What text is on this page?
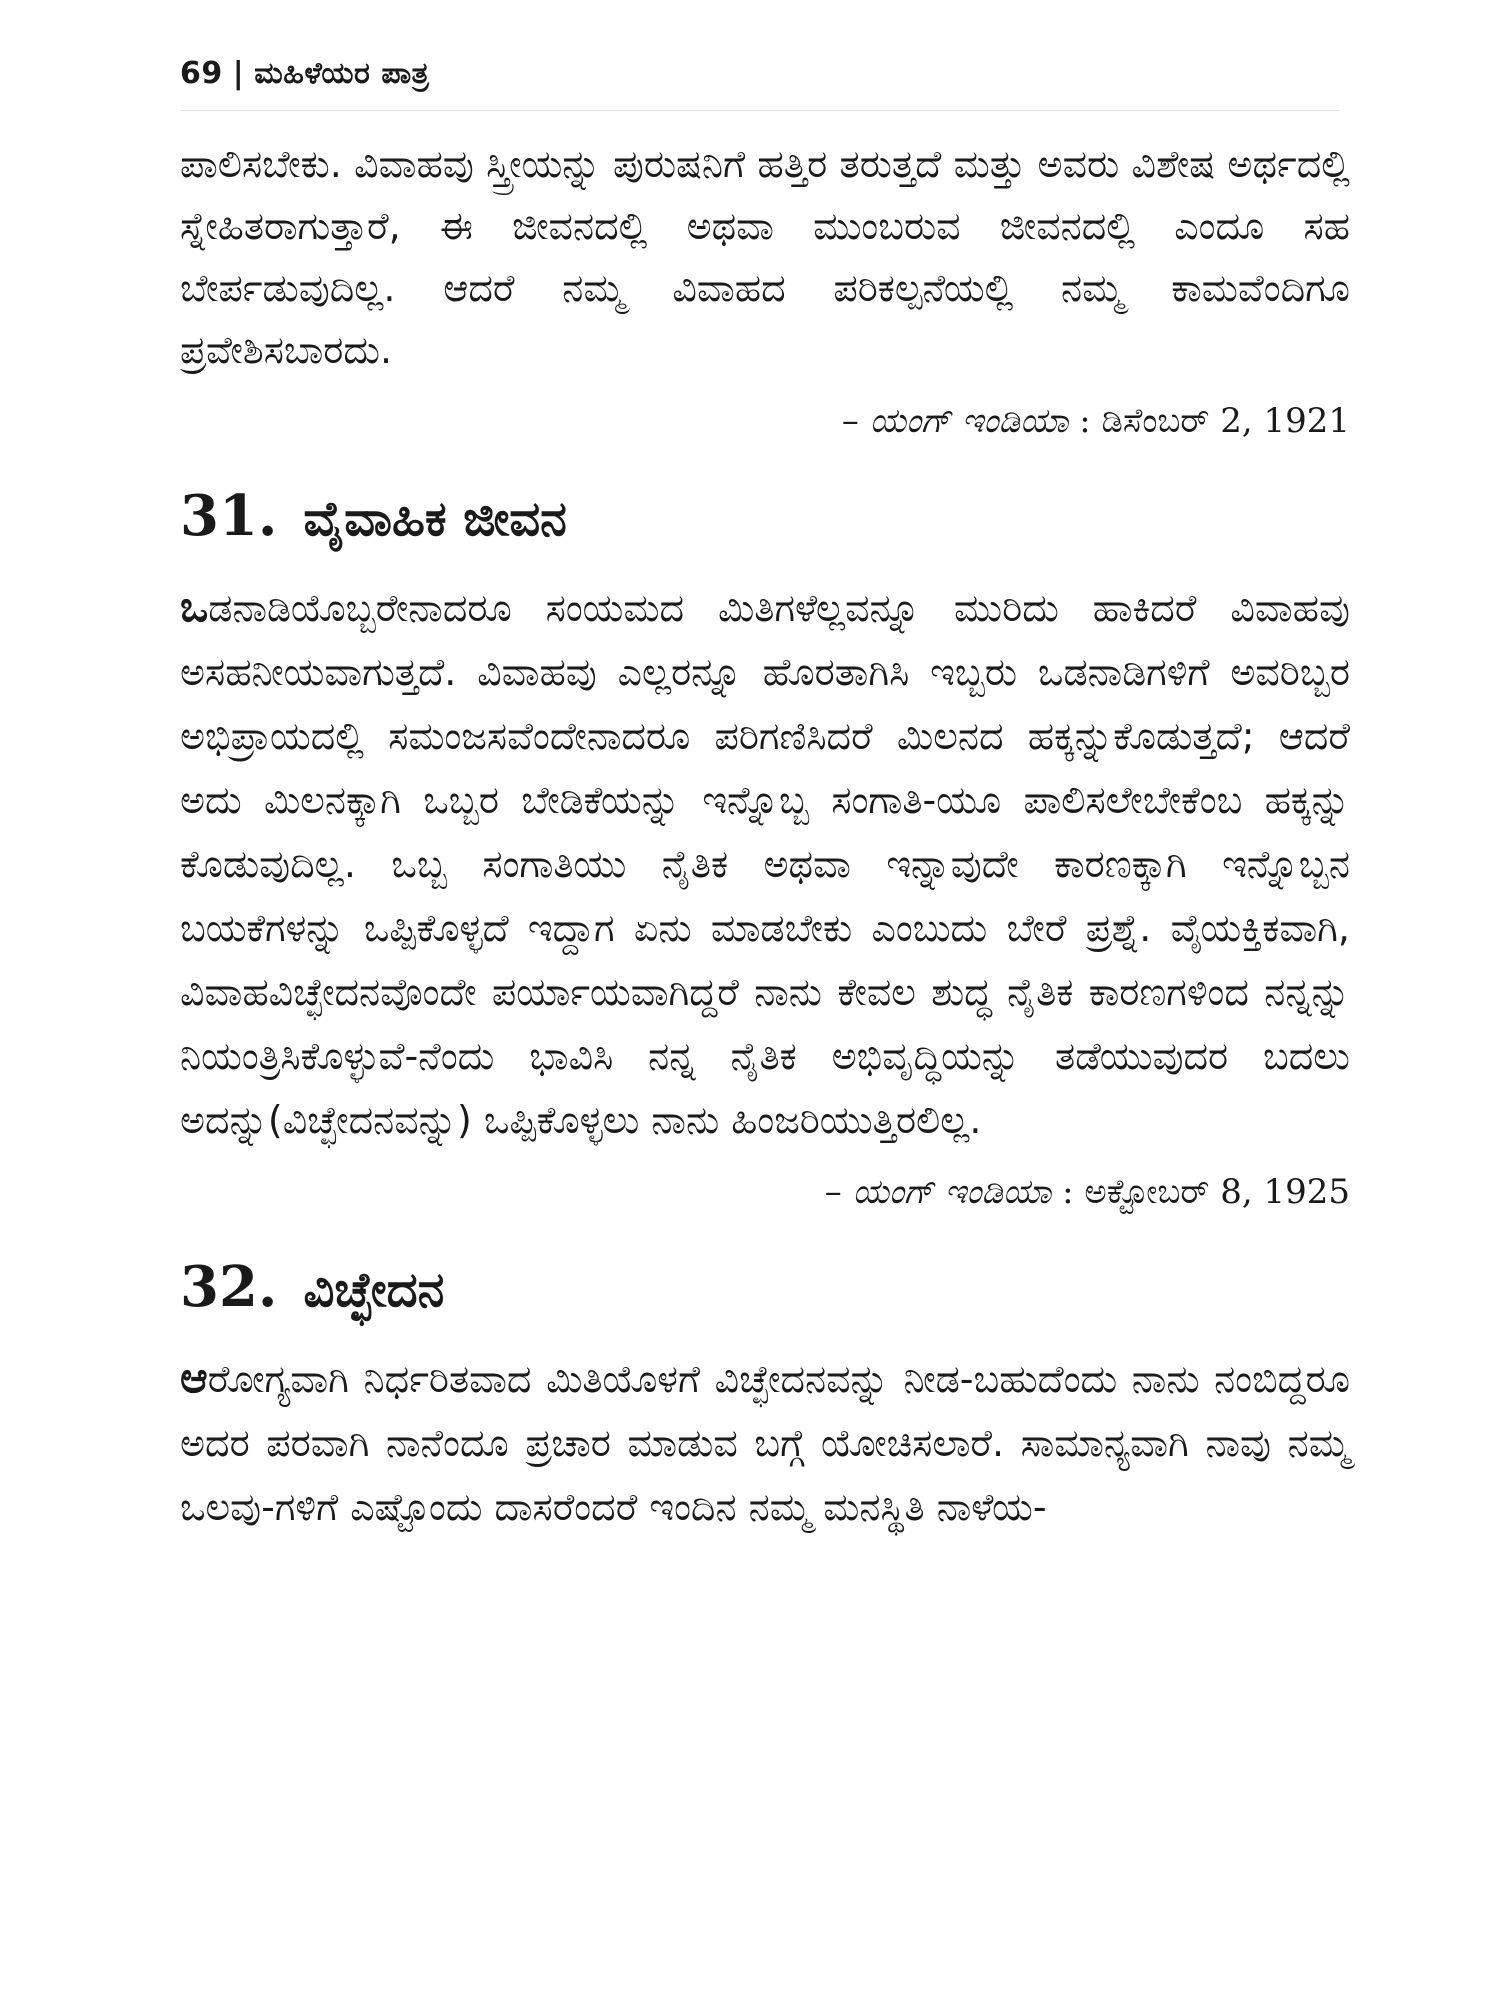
69 | ಮಹಿಳೆಯರ ಪಾತ್ರ

ಪಾಲಿಸಬೇಕು. ವಿವಾಹವು ಸ್ತ್ರೀಯನ್ನು ಪುರುಷನಿಗೆ ಹತ್ತಿರ ತರುತ್ತದೆ ಮತ್ತು ಅವರು ವಿಶೇಷ ಅರ್ಥದಲ್ಲಿ ಸ್ನೇಹಿತರಾಗುತ್ತಾರೆ, ಈ ಜೀವನದಲ್ಲಿ ಅಥವಾ ಮುಂಬರುವ ಜೀವನದಲ್ಲಿ ಎಂದೂ ಸಹ ಬೇರ್ಪಡುವುದಿಲ್ಲ. ಆದರೆ ನಮ್ಮ ವಿವಾಹದ ಪರಿಕಲ್ಪನೆಯಲ್ಲಿ ನಮ್ಮ ಕಾಮವೆಂದಿಗೂ ಪ್ರವೇಶಿಸಬಾರದು.

– ಯಂಗ್ ಇಂಡಿಯಾ : ಡಿಸೆಂಬರ್ 2, 1921
31. ವೈವಾಹಿಕ ಜೀವನ

ಒಡನಾಡಿಯೊಬ್ಬರೇನಾದರೂ ಸಂಯಮದ ಮಿತಿಗಳೆಲ್ಲವನ್ನೂ ಮುರಿದು ಹಾಕಿದರೆ ವಿವಾಹವು ಅಸಹನೀಯವಾಗುತ್ತದೆ. ವಿವಾಹವು ಎಲ್ಲರನ್ನೂ ಹೊರತಾಗಿಸಿ ಇಬ್ಬರು ಒಡನಾಡಿಗಳಿಗೆ ಅವರಿಬ್ಬರ ಅಭಿಪ್ರಾಯದಲ್ಲಿ ಸಮಂಜಸವೆಂದೇನಾದರೂ ಪರಿಗಣಿಸಿದರೆ ಮಿಲನದ ಹಕ್ಕನ್ನುಕೊಡುತ್ತದೆ; ಆದರೆ ಅದು ಮಿಲನಕ್ಕಾಗಿ ಒಬ್ಬರ ಬೇಡಿಕೆಯನ್ನು ಇನ್ನೊಬ್ಬ ಸಂಗಾತಿ-ಯೂ ಪಾಲಿಸಲೇಬೇಕೆಂಬ ಹಕ್ಕನ್ನು ಕೊಡುವುದಿಲ್ಲ. ಒಬ್ಬ ಸಂಗಾತಿಯು ನೈತಿಕ ಅಥವಾ ಇನ್ನಾವುದೇ ಕಾರಣಕ್ಕಾಗಿ ಇನ್ನೊಬ್ಬನ ಬಯಕೆಗಳನ್ನು ಒಪ್ಪಿಕೊಳ್ಳದೆ ಇದ್ದಾಗ ಏನು ಮಾಡಬೇಕು ಎಂಬುದು ಬೇರೆ ಪ್ರಶ್ನೆ. ವೈಯಕ್ತಿಕವಾಗಿ, ವಿವಾಹವಿಚ್ಛೇದನವೊಂದೇ ಪರ್ಯಾಯವಾಗಿದ್ದರೆ ನಾನು ಕೇವಲ ಶುದ್ಧ ನೈತಿಕ ಕಾರಣಗಳಿಂದ ನನ್ನನ್ನು ನಿಯಂತ್ರಿಸಿಕೊಳ್ಳುವೆ-ನೆಂದು ಭಾವಿಸಿ ನನ್ನ ನೈತಿಕ ಅಭಿವೃದ್ಧಿಯನ್ನು ತಡೆಯುವುದರ ಬದಲು ಅದನ್ನು(ವಿಚ್ಛೇದನವನ್ನು) ಒಪ್ಪಿಕೊಳ್ಳಲು ನಾನು ಹಿಂಜರಿಯುತ್ತಿರಲಿಲ್ಲ.

– ಯಂಗ್ ಇಂಡಿಯಾ : ಅಕ್ಟೋಬರ್ 8, 1925
32. ವಿಚ್ಛೇದನ

ಆರೋಗ್ಯವಾಗಿ ನಿರ್ಧರಿತವಾದ ಮಿತಿಯೊಳಗೆ ವಿಚ್ಛೇದನವನ್ನು ನೀಡ-ಬಹುದೆಂದು ನಾನು ನಂಬಿದ್ದರೂ ಅದರ ಪರವಾಗಿ ನಾನೆಂದೂ ಪ್ರಚಾರ ಮಾಡುವ ಬಗ್ಗೆ ಯೋಚಿಸಲಾರೆ. ಸಾಮಾನ್ಯವಾಗಿ ನಾವು ನಮ್ಮ ಒಲವು-ಗಳಿಗೆ ಎಷ್ಟೊಂದು ದಾಸರೆಂದರೆ ಇಂದಿನ ನಮ್ಮ ಮನಸ್ಥಿತಿ ನಾಳೆಯ-
